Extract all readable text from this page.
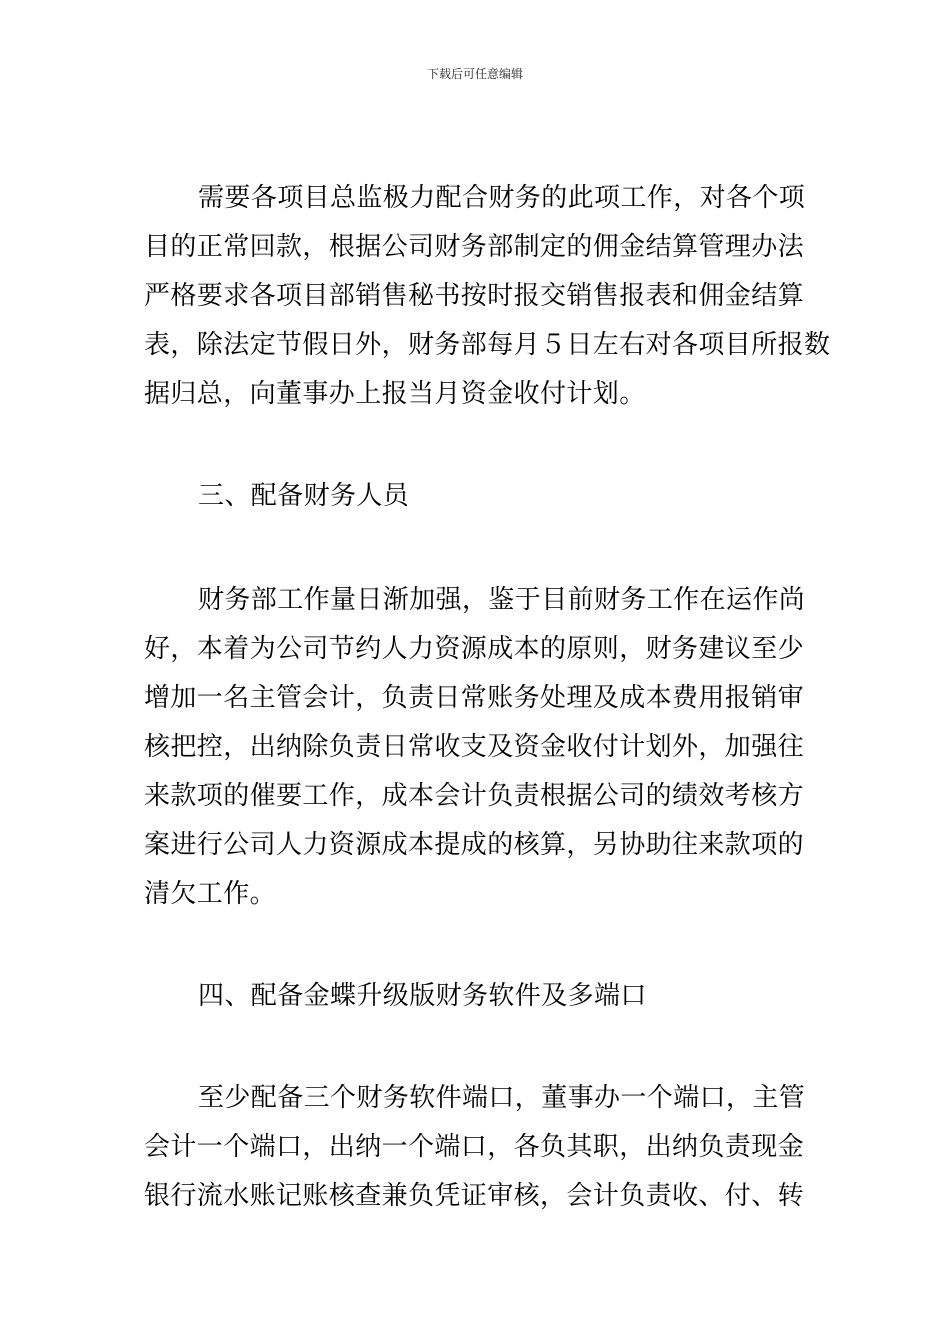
下载后可任意编辑
需要各项目总监极力配合财务的此项工作，对各个项
目的正常回款，根据公司财务部制定的佣金结算管理办法
严格要求各项目部销售秘书按时报交销售报表和佣金结算
表，除法定节假日外，财务部每月５日左右对各项目所报数
据归总，向董事办上报当月资金收付计划。
三、配备财务人员
财务部工作量日渐加强，鉴于目前财务工作在运作尚
好，本着为公司节约人力资源成本的原则，财务建议至少
增加一名主管会计，负责日常账务处理及成本费用报销审
核把控，出纳除负责日常收支及资金收付计划外，加强往
来款项的催要工作，成本会计负责根据公司的绩效考核方
案进行公司人力资源成本提成的核算，另协助往来款项的
清欠工作。
四、配备金蝶升级版财务软件及多端口
至少配备三个财务软件端口，董事办一个端口，主管
会计一个端口，出纳一个端口，各负其职，出纳负责现金
银行流水账记账核查兼负凭证审核，会计负责收、付、转
